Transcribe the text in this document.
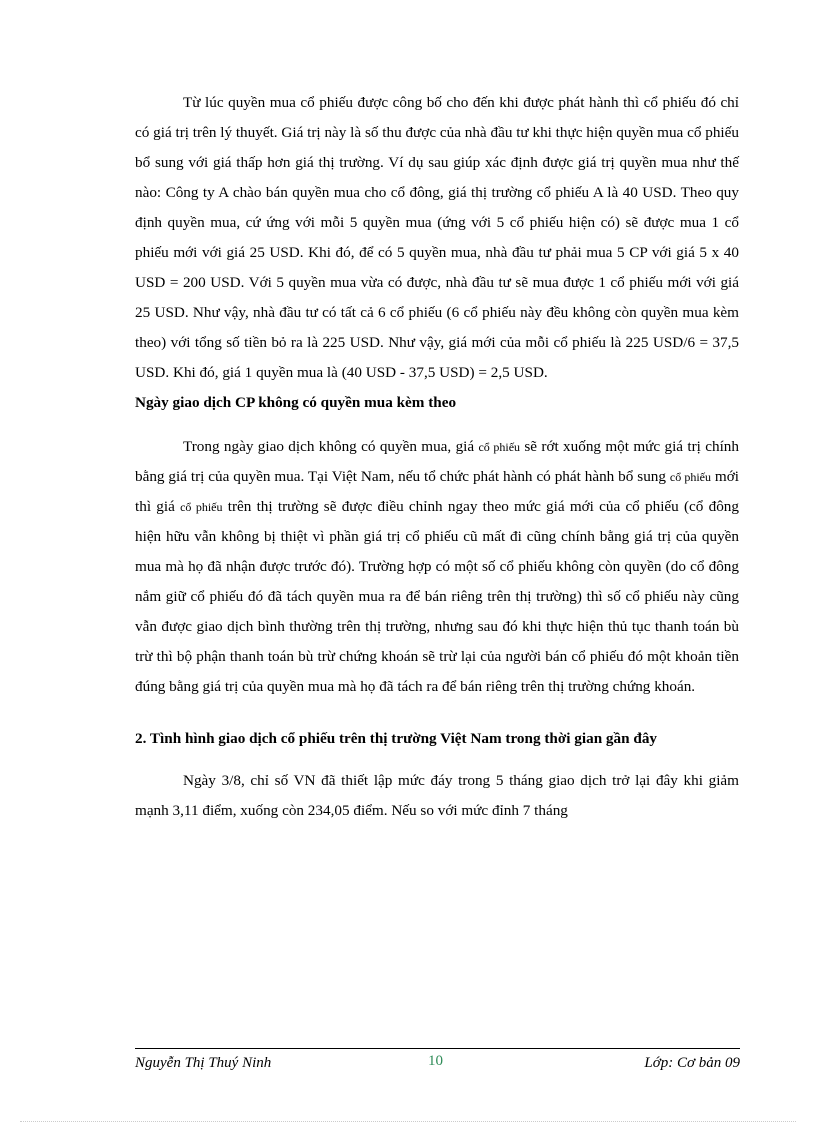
Từ lúc quyền mua cổ phiếu được công bố cho đến khi được phát hành thì cổ phiếu đó chỉ có giá trị trên lý thuyết. Giá trị này là số thu được của nhà đầu tư khi thực hiện quyền mua cổ phiếu bổ sung với giá thấp hơn giá thị trường. Ví dụ sau giúp xác định được giá trị quyền mua như thế nào: Công ty A chào bán quyền mua cho cổ đông, giá thị trường cổ phiếu A là 40 USD. Theo quy định quyền mua, cứ ứng với mỗi 5 quyền mua (ứng với 5 cổ phiếu hiện có) sẽ được mua 1 cổ phiếu mới với giá 25 USD. Khi đó, để có 5 quyền mua, nhà đầu tư phải mua 5 CP với giá 5 x 40 USD = 200 USD. Với 5 quyền mua vừa có được, nhà đầu tư sẽ mua được 1 cổ phiếu mới với giá 25 USD. Như vậy, nhà đầu tư có tất cả 6 cổ phiếu (6 cổ phiếu này đều không còn quyền mua kèm theo) với tổng số tiền bỏ ra là 225 USD. Như vậy, giá mới của mỗi cổ phiếu là 225 USD/6 = 37,5 USD. Khi đó, giá 1 quyền mua là (40 USD - 37,5 USD) = 2,5 USD.

Ngày giao dịch CP không có quyền mua kèm theo

Trong ngày giao dịch không có quyền mua, giá cổ phiếu sẽ rớt xuống một mức giá trị chính bằng giá trị của quyền mua. Tại Việt Nam, nếu tổ chức phát hành có phát hành bổ sung cổ phiếu mới thì giá cổ phiếu trên thị trường sẽ được điều chỉnh ngay theo mức giá mới của cổ phiếu (cổ đông hiện hữu vẫn không bị thiệt vì phần giá trị cổ phiếu cũ mất đi cũng chính bằng giá trị của quyền mua mà họ đã nhận được trước đó). Trường hợp có một số cổ phiếu không còn quyền (do cổ đông nắm giữ cổ phiếu đó đã tách quyền mua ra để bán riêng trên thị trường) thì số cổ phiếu này cũng vẫn được giao dịch bình thường trên thị trường, nhưng sau đó khi thực hiện thủ tục thanh toán bù trừ thì bộ phận thanh toán bù trừ chứng khoán sẽ trừ lại của người bán cổ phiếu đó một khoản tiền đúng bằng giá trị của quyền mua mà họ đã tách ra để bán riêng trên thị trường chứng khoán.

2. Tình hình giao dịch cổ phiếu trên thị trường Việt Nam trong thời gian gần đây

Ngày 3/8, chỉ số VN đã thiết lập mức đáy trong 5 tháng giao dịch trở lại đây khi giảm mạnh 3,11 điểm, xuống còn 234,05 điểm. Nếu so với mức đỉnh 7 tháng

Nguyễn Thị Thuý Ninh	10	Lớp: Cơ bản 09
